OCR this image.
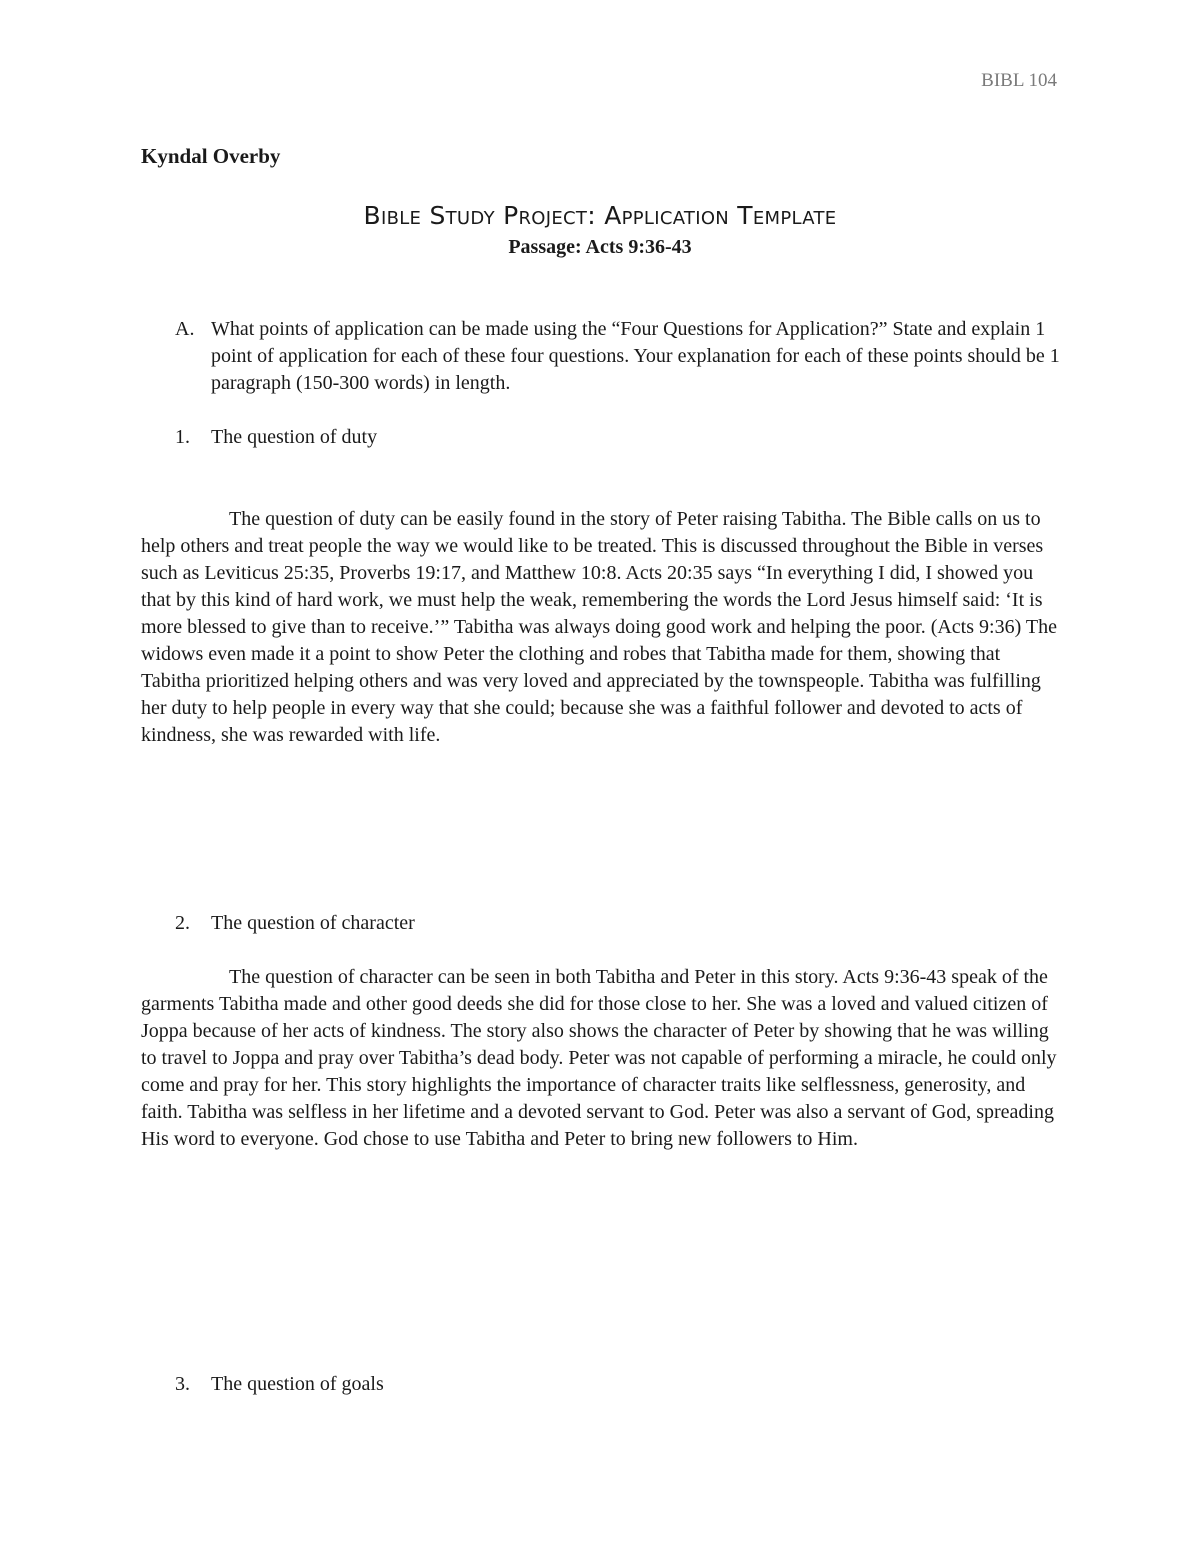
BIBL 104
Kyndal Overby
Bible Study Project: Application Template
Passage: Acts 9:36-43
A. What points of application can be made using the “Four Questions for Application?” State and explain 1 point of application for each of these four questions. Your explanation for each of these points should be 1 paragraph (150-300 words) in length.
1. The question of duty

The question of duty can be easily found in the story of Peter raising Tabitha. The Bible calls on us to help others and treat people the way we would like to be treated. This is discussed throughout the Bible in verses such as Leviticus 25:35, Proverbs 19:17, and Matthew 10:8. Acts 20:35 says “In everything I did, I showed you that by this kind of hard work, we must help the weak, remembering the words the Lord Jesus himself said: ‘It is more blessed to give than to receive.’” Tabitha was always doing good work and helping the poor. (Acts 9:36) The widows even made it a point to show Peter the clothing and robes that Tabitha made for them, showing that Tabitha prioritized helping others and was very loved and appreciated by the townspeople. Tabitha was fulfilling her duty to help people in every way that she could; because she was a faithful follower and devoted to acts of kindness, she was rewarded with life.

2. The question of character

The question of character can be seen in both Tabitha and Peter in this story. Acts 9:36-43 speak of the garments Tabitha made and other good deeds she did for those close to her. She was a loved and valued citizen of Joppa because of her acts of kindness. The story also shows the character of Peter by showing that he was willing to travel to Joppa and pray over Tabitha’s dead body. Peter was not capable of performing a miracle, he could only come and pray for her. This story highlights the importance of character traits like selflessness, generosity, and faith. Tabitha was selfless in her lifetime and a devoted servant to God. Peter was also a servant of God, spreading His word to everyone. God chose to use Tabitha and Peter to bring new followers to Him.

3. The question of goals
